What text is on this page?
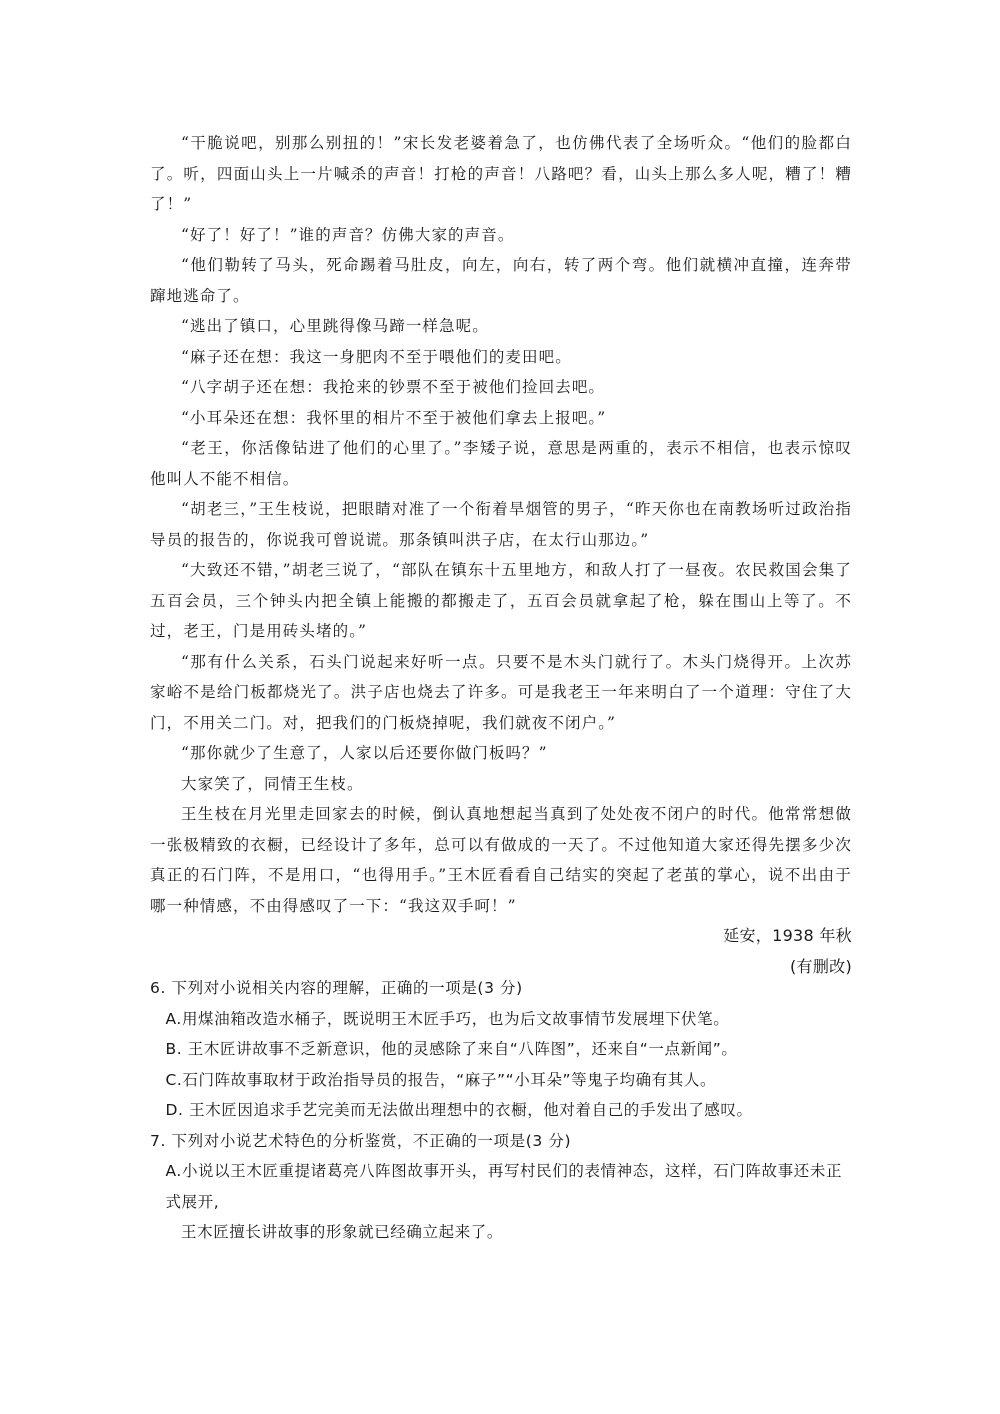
“干脆说吧，别那么别扭的！”宋长发老婆着急了，也仿佛代表了全场听众。“他们的脸都白了。听，四面山头上一片喊杀的声音！打枪的声音！八路吧？看，山头上那么多人呢，糟了！糟了！”

“好了！好了！”谁的声音？仿佛大家的声音。

“他们勒转了马头，死命踢着马肚皮，向左，向右，转了两个弯。他们就横冲直撞，连奔带蹿地逃命了。

“逃出了镇口，心里跳得像马蹄一样急呢。

“麻子还在想：我这一身肥肉不至于喂他们的麦田吧。

“八字胡子还在想：我抢来的钞票不至于被他们捡回去吧。

“小耳朵还在想：我怀里的相片不至于被他们拿去上报吧。”

“老王，你活像钻进了他们的心里了。”李矮子说，意思是两重的，表示不相信，也表示惊叹他叫人不能不相信。

“胡老三，”王生枝说，把眼睛对准了一个衔着旱烟管的男子，“昨天你也在南教场听过政治指导员的报告的，你说我可曾说谎。那条镇叫洪子店，在太行山那边。”

“大致还不错，”胡老三说了，“部队在镇东十五里地方，和敌人打了一昼夜。农民救国会集了五百会员，三个钟头内把全镇上能搬的都搬走了，五百会员就拿起了枪，躲在围山上等了。不过，老王，门是用砖头堵的。”

“那有什么关系，石头门说起来好听一点。只要不是木头门就行了。木头门烧得开。上次苏家峪不是给门板都烧光了。洪子店也烧去了许多。可是我老王一年来明白了一个道理：守住了大门，不用关二门。对，把我们的门板烧掉呢，我们就夜不闭户。”

“那你就少了生意了，人家以后还要你做门板吗？”

大家笑了，同情王生枝。

王生枝在月光里走回家去的时候，倒认真地想起当真到了处处夜不闭户的时代。他常常想做一张极精致的衣橱，已经设计了多年，总可以有做成的一天了。不过他知道大家还得先摆多少次真正的石门阵，不是用口，“也得用手。”王木匠看看自己结实的突起了老茧的掌心，说不出由于哪一种情感，不由得感叹了一下：“我这双手呵！”

延安，1938 年秋
(有删改)

6. 下列对小说相关内容的理解，正确的一项是(3 分)

A.用煤油箱改造水桶子，既说明王木匠手巧，也为后文故事情节发展埋下伏笔。

B. 王木匠讲故事不乏新意识，他的灵感除了来自“八阵图”，还来自“一点新闻”。

C.石门阵故事取材于政治指导员的报告，“麻子”“小耳朵”等鬼子均确有其人。

D. 王木匠因追求手艺完美而无法做出理想中的衣橱，他对着自己的手发出了感叹。

7. 下列对小说艺术特色的分析鉴赏，不正确的一项是(3 分)

A.小说以王木匠重提诸葛亮八阵图故事开头，再写村民们的表情神态，这样，石门阵故事还未正式展开,

王木匠擅长讲故事的形象就已经确立起来了。
